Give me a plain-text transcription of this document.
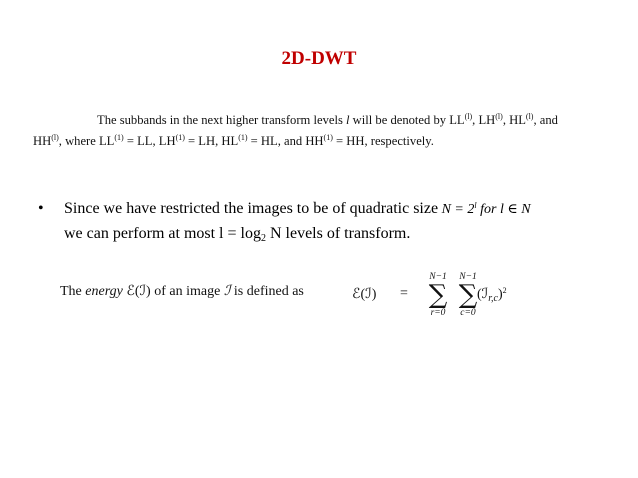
2D-DWT
The subbands in the next higher transform levels l will be denoted by LL$^{(l)}$, LH$^{(l)}$, HL$^{(l)}$, and
HH$^{(l)}$, where $LL^{(1)}$ = LL, $LH^{(1)}$ = LH, $HL^{(1)}$ = HL, and $HH^{(1)}$ = HH, respectively.
•	Since we have restricted the images to be of quadratic size $N = 2^l$ for l ∈ N
we can perform at most $l = \log_2 N$ levels of transform.
The energy ℰ(ℐ) of an image ℐ is defined as	ℰ(ℐ) =
N−1
∑
r=0
N−1
∑
c=0
(ℐ$_{r,c}$)$^2$
